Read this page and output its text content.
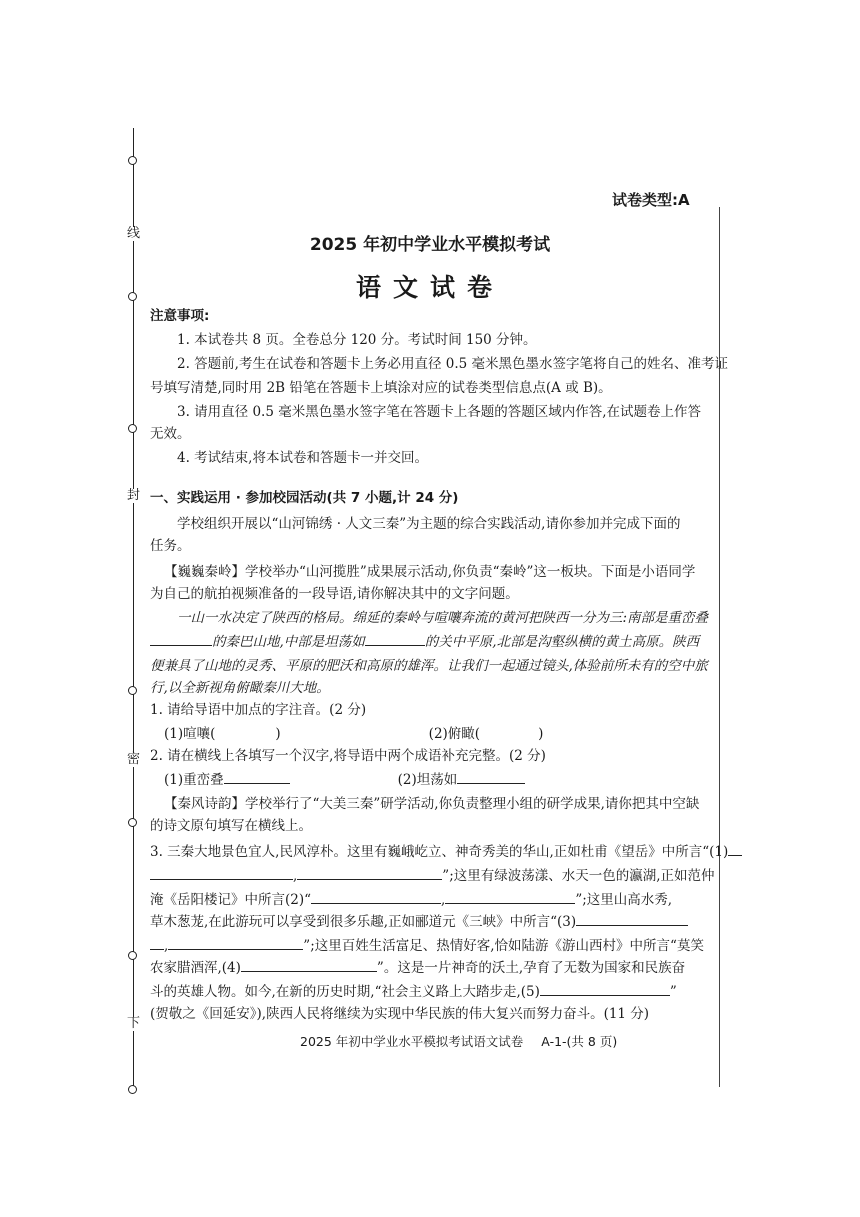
线
封
密
下
试卷类型:A
2025 年初中学业水平模拟考试
语文试卷
注意事项:
1. 本试卷共 8 页。全卷总分 120 分。考试时间 150 分钟。
2. 答题前,考生在试卷和答题卡上务必用直径 0.5 毫米黑色墨水签字笔将自己的姓名、准考证
号填写清楚,同时用 2B 铅笔在答题卡上填涂对应的试卷类型信息点(A 或 B)。
3. 请用直径 0.5 毫米黑色墨水签字笔在答题卡上各题的答题区域内作答,在试题卷上作答
无效。
4. 考试结束,将本试卷和答题卡一并交回。
一、实践运用 · 参加校园活动(共 7 小题,计 24 分)
学校组织开展以“山河锦绣 · 人文三秦”为主题的综合实践活动,请你参加并完成下面的
任务。
【巍巍秦岭】学校举办“山河揽胜”成果展示活动,你负责“秦岭”这一板块。下面是小语同学
为自己的航拍视频准备的一段导语,请你解决其中的文字问题。
一山一水决定了陕西的格局。绵延的秦岭与喧嚷奔流的黄河把陕西一分为三:南部是重峦叠
的秦巴山地,中部是坦荡如	的关中平原,北部是沟壑纵横的黄土高原。陕西
便兼具了山地的灵秀、平原的肥沃和高原的雄浑。让我们一起通过镜头,体验前所未有的空中旅
行,以全新视角俯瞰秦川大地。
1. 请给导语中加点的字注音。(2 分)
(1)喧嚷(	)	(2)俯瞰(	)
2. 请在横线上各填写一个汉字,将导语中两个成语补充完整。(2 分)
(1)重峦叠	(2)坦荡如
【秦风诗韵】学校举行了“大美三秦”研学活动,你负责整理小组的研学成果,请你把其中空缺
的诗文原句填写在横线上。
3. 三秦大地景色宜人,民风淳朴。这里有巍峨屹立、神奇秀美的华山,正如杜甫《望岳》中所言“(1)
,	”;这里有绿波荡漾、水天一色的瀛湖,正如范仲
淹《岳阳楼记》中所言(2)“	,	”;这里山高水秀,
草木葱茏,在此游玩可以享受到很多乐趣,正如郦道元《三峡》中所言“(3)
,	”;这里百姓生活富足、热情好客,恰如陆游《游山西村》中所言“莫笑
农家腊酒浑,(4)	”。这是一片神奇的沃土,孕育了无数为国家和民族奋
斗的英雄人物。如今,在新的历史时期,“社会主义路上大踏步走,(5)	”
(贺敬之《回延安》),陕西人民将继续为实现中华民族的伟大复兴而努力奋斗。(11 分)
2025 年初中学业水平模拟考试语文试卷 A-1-(共 8 页)
